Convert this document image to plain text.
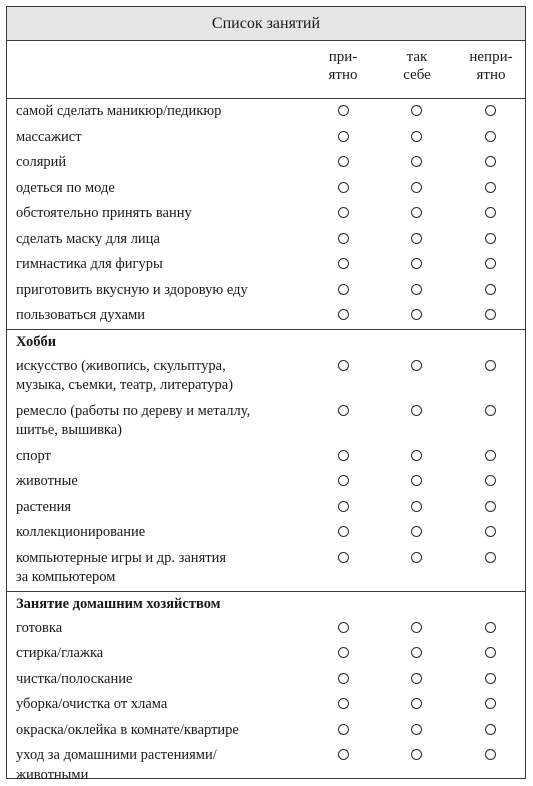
Список занятий
при-
ятно
так
себе
непри-
ятно
самой сделать маникюр/педикюр
массажист
солярий
одеться по моде
обстоятельно принять ванну
сделать маску для лица
гимнастика для фигуры
приготовить вкусную и здоровую еду
пользоваться духами
Хобби
искусство (живопись, скульптура,
музыка, съемки, театр, литература)
ремесло (работы по дереву и металлу,
шитье, вышивка)
спорт
животные
растения
коллекционирование
компьютерные игры и др. занятия
за компьютером
Занятие домашним хозяйством
готовка
стирка/глажка
чистка/полоскание
уборка/очистка от хлама
окраска/оклейка в комнате/квартире
уход за домашними растениями/
животными
